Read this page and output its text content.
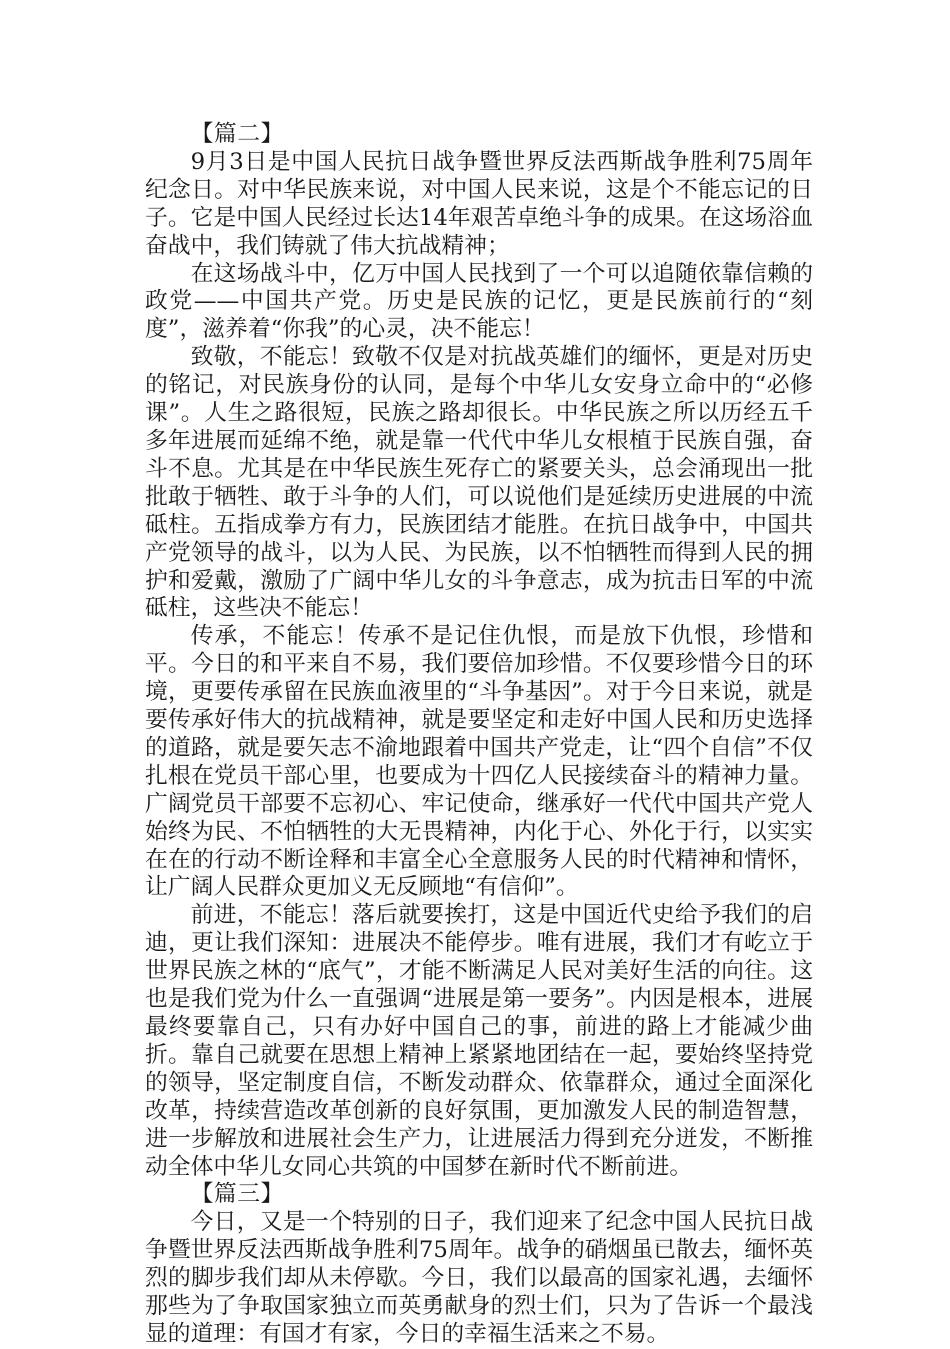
【篇二】

9月3日是中国人民抗日战争暨世界反法西斯战争胜利75周年纪念日。对中华民族来说，对中国人民来说，这是个不能忘记的日子。它是中国人民经过长达14年艰苦卓绝斗争的成果。在这场浴血奋战中，我们铸就了伟大抗战精神；

在这场战斗中，亿万中国人民找到了一个可以追随依靠信赖的政党——中国共产党。历史是民族的记忆，更是民族前行的“刻度”，滋养着“你我”的心灵，决不能忘！

致敬，不能忘！致敬不仅是对抗战英雄们的缅怀，更是对历史的铭记，对民族身份的认同，是每个中华儿女安身立命中的“必修课”。人生之路很短，民族之路却很长。中华民族之所以历经五千多年进展而延绵不绝，就是靠一代代中华儿女根植于民族自强，奋斗不息。尤其是在中华民族生死存亡的紧要关头，总会涌现出一批批敢于牺牲、敢于斗争的人们，可以说他们是延续历史进展的中流砥柱。五指成拳方有力，民族团结才能胜。在抗日战争中，中国共产党领导的战斗，以为人民、为民族，以不怕牺牲而得到人民的拥护和爱戴，激励了广阔中华儿女的斗争意志，成为抗击日军的中流砥柱，这些决不能忘！

传承，不能忘！传承不是记住仇恨，而是放下仇恨，珍惜和平。今日的和平来自不易，我们要倍加珍惜。不仅要珍惜今日的环境，更要传承留在民族血液里的“斗争基因”。对于今日来说，就是要传承好伟大的抗战精神，就是要坚定和走好中国人民和历史选择的道路，就是要矢志不渝地跟着中国共产党走，让“四个自信”不仅扎根在党员干部心里，也要成为十四亿人民接续奋斗的精神力量。广阔党员干部要不忘初心、牢记使命，继承好一代代中国共产党人始终为民、不怕牺牲的大无畏精神，内化于心、外化于行，以实实在在的行动不断诠释和丰富全心全意服务人民的时代精神和情怀，让广阔人民群众更加义无反顾地“有信仰”。

前进，不能忘！落后就要挨打，这是中国近代史给予我们的启迪，更让我们深知：进展决不能停步。唯有进展，我们才有屹立于世界民族之林的“底气”，才能不断满足人民对美好生活的向往。这也是我们党为什么一直强调“进展是第一要务”。内因是根本，进展最终要靠自己，只有办好中国自己的事，前进的路上才能减少曲折。靠自己就要在思想上精神上紧紧地团结在一起，要始终坚持党的领导，坚定制度自信，不断发动群众、依靠群众，通过全面深化改革，持续营造改革创新的良好氛围，更加激发人民的制造智慧，进一步解放和进展社会生产力，让进展活力得到充分迸发，不断推动全体中华儿女同心共筑的中国梦在新时代不断前进。

【篇三】

今日，又是一个特别的日子，我们迎来了纪念中国人民抗日战争暨世界反法西斯战争胜利75周年。战争的硝烟虽已散去，缅怀英烈的脚步我们却从未停歇。今日，我们以最高的国家礼遇，去缅怀那些为了争取国家独立而英勇献身的烈士们，只为了告诉一个最浅显的道理：有国才有家，今日的幸福生活来之不易。
